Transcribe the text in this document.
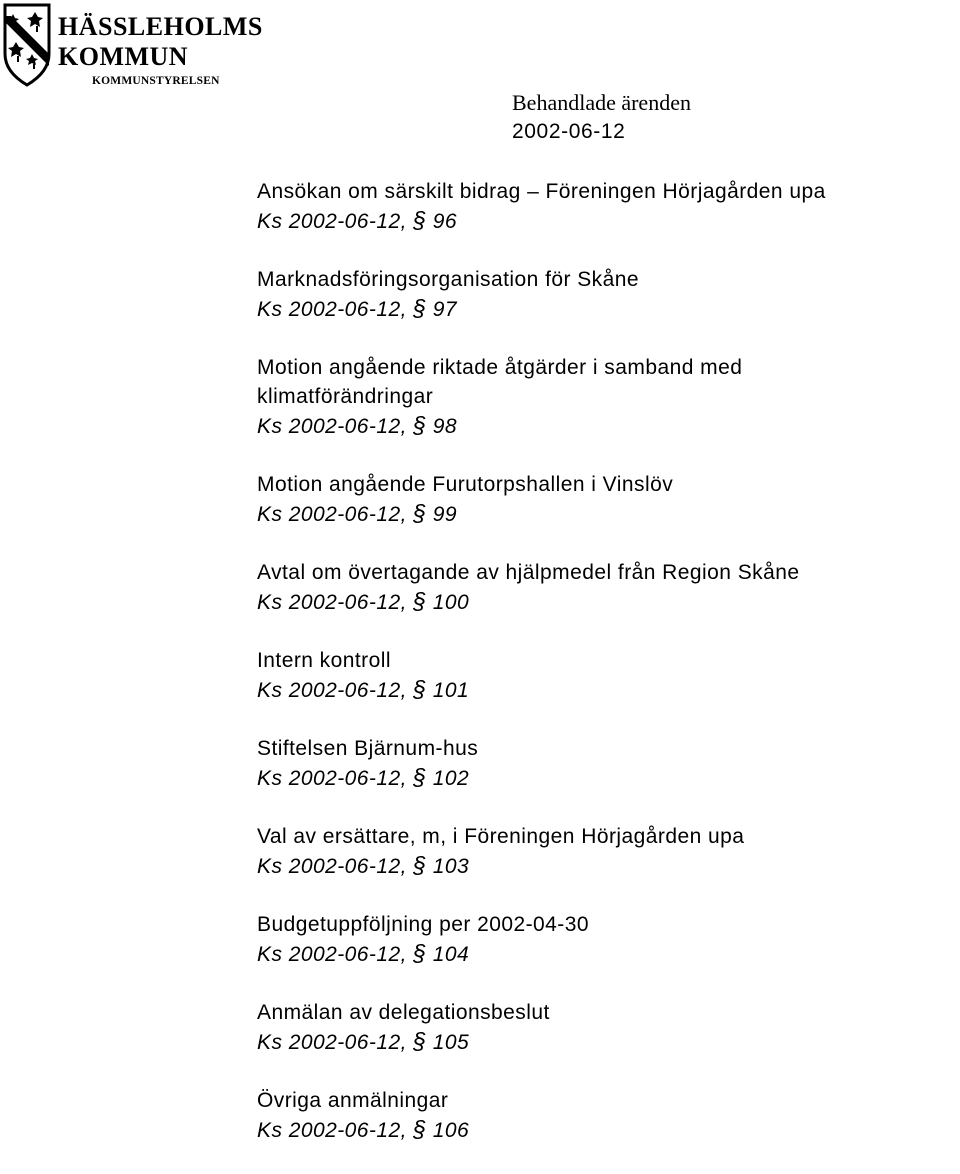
HÄSSLEHOLMS
KOMMUN
KOMMUNSTYRELSEN
Behandlade ärenden
2002-06-12
Ansökan om särskilt bidrag – Föreningen Hörjagården upa
Ks 2002-06-12, § 96
Marknadsföringsorganisation för Skåne
Ks 2002-06-12, § 97
Motion angående riktade åtgärder i samband med klimatförändringar
Ks 2002-06-12, § 98
Motion angående Furutorpshallen i Vinslöv
Ks 2002-06-12, § 99
Avtal om övertagande av hjälpmedel från Region Skåne
Ks 2002-06-12, § 100
Intern kontroll
Ks 2002-06-12, § 101
Stiftelsen Bjärnum-hus
Ks 2002-06-12, § 102
Val av ersättare, m, i Föreningen Hörjagården upa
Ks 2002-06-12, § 103
Budgetuppföljning per 2002-04-30
Ks 2002-06-12, § 104
Anmälan av delegationsbeslut
Ks 2002-06-12, § 105
Övriga anmälningar
Ks 2002-06-12, § 106
